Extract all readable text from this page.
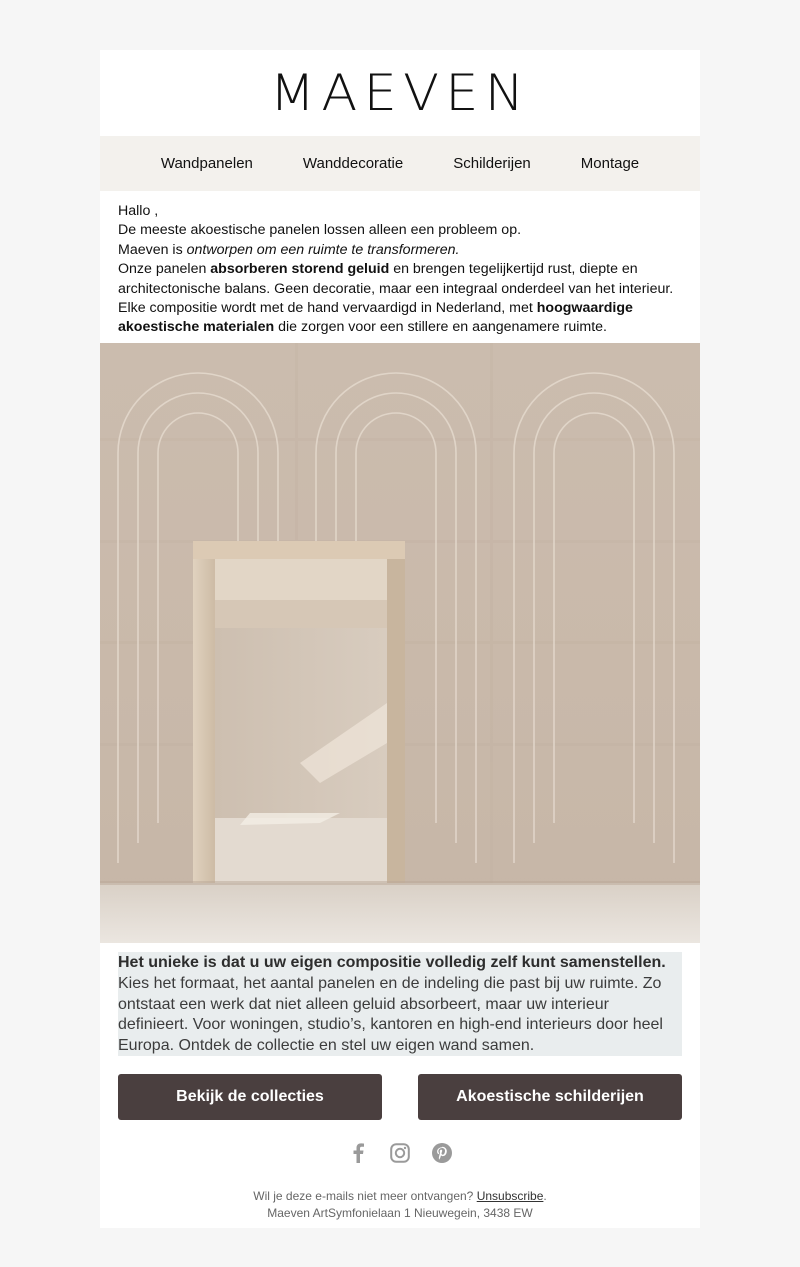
MAEVEN
Wandpanelen	Wanddecoratie	Schilderijen	Montage

Hallo ,

De meeste akoestische panelen lossen alleen een probleem op.

Maeven is ontworpen om een ruimte te transformeren.

Onze panelen absorberen storend geluid en brengen tegelijkertijd rust, diepte en architectonische balans. Geen decoratie, maar een integraal onderdeel van het interieur.

Elke compositie wordt met de hand vervaardigd in Nederland, met hoogwaardige akoestische materialen die zorgen voor een stillere en aangenamere ruimte.

Het unieke is dat u uw eigen compositie volledig zelf kunt samenstellen.

Kies het formaat, het aantal panelen en de indeling die past bij uw ruimte. Zo ontstaat een werk dat niet alleen geluid absorbeert, maar uw interieur definieert. Voor woningen, studio’s, kantoren en high-end interieurs door heel Europa. Ontdek de collectie en stel uw eigen wand samen.

Bekijk de collecties	Akoestische schilderijen
Wil je deze e-mails niet meer ontvangen? Unsubscribe.
Maeven ArtSymfonielaan 1 Nieuwegein, 3438 EW
